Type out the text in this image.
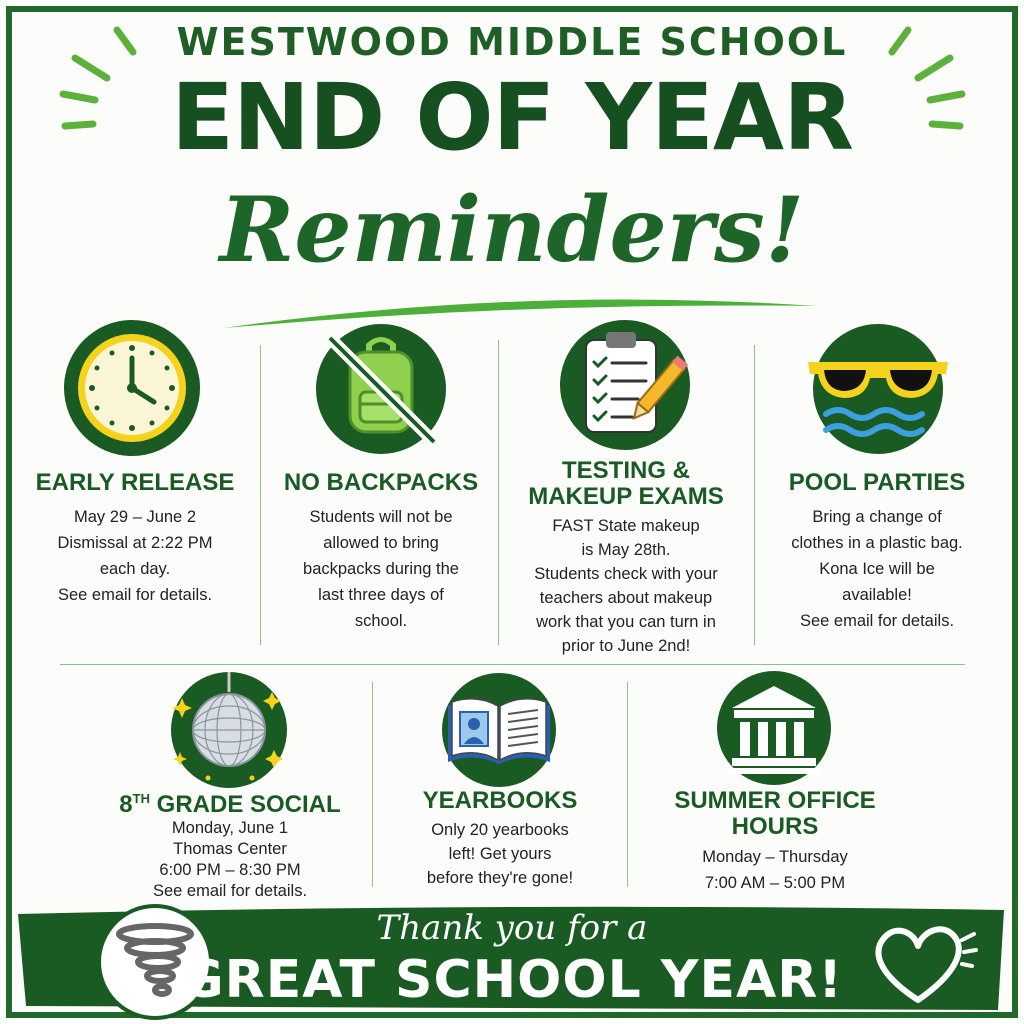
WESTWOOD MIDDLE SCHOOL
END OF YEAR
Reminders!
EARLY RELEASE
May 29 – June 2
Dismissal at 2:22 PM
each day.
See email for details.
NO BACKPACKS
Students will not be
allowed to bring
backpacks during the
last three days of
school.
TESTING &
MAKEUP EXAMS
FAST State makeup
is May 28th.
Students check with your
teachers about makeup
work that you can turn in
prior to June 2nd!
POOL PARTIES
Bring a change of
clothes in a plastic bag.
Kona Ice will be
available!
See email for details.
8TH GRADE SOCIAL
Monday, June 1
Thomas Center
6:00 PM – 8:30 PM
See email for details.
YEARBOOKS
Only 20 yearbooks
left! Get yours
before they're gone!
SUMMER OFFICE HOURS
Monday – Thursday
7:00 AM – 5:00 PM
Thank you for a
GREAT SCHOOL YEAR!
